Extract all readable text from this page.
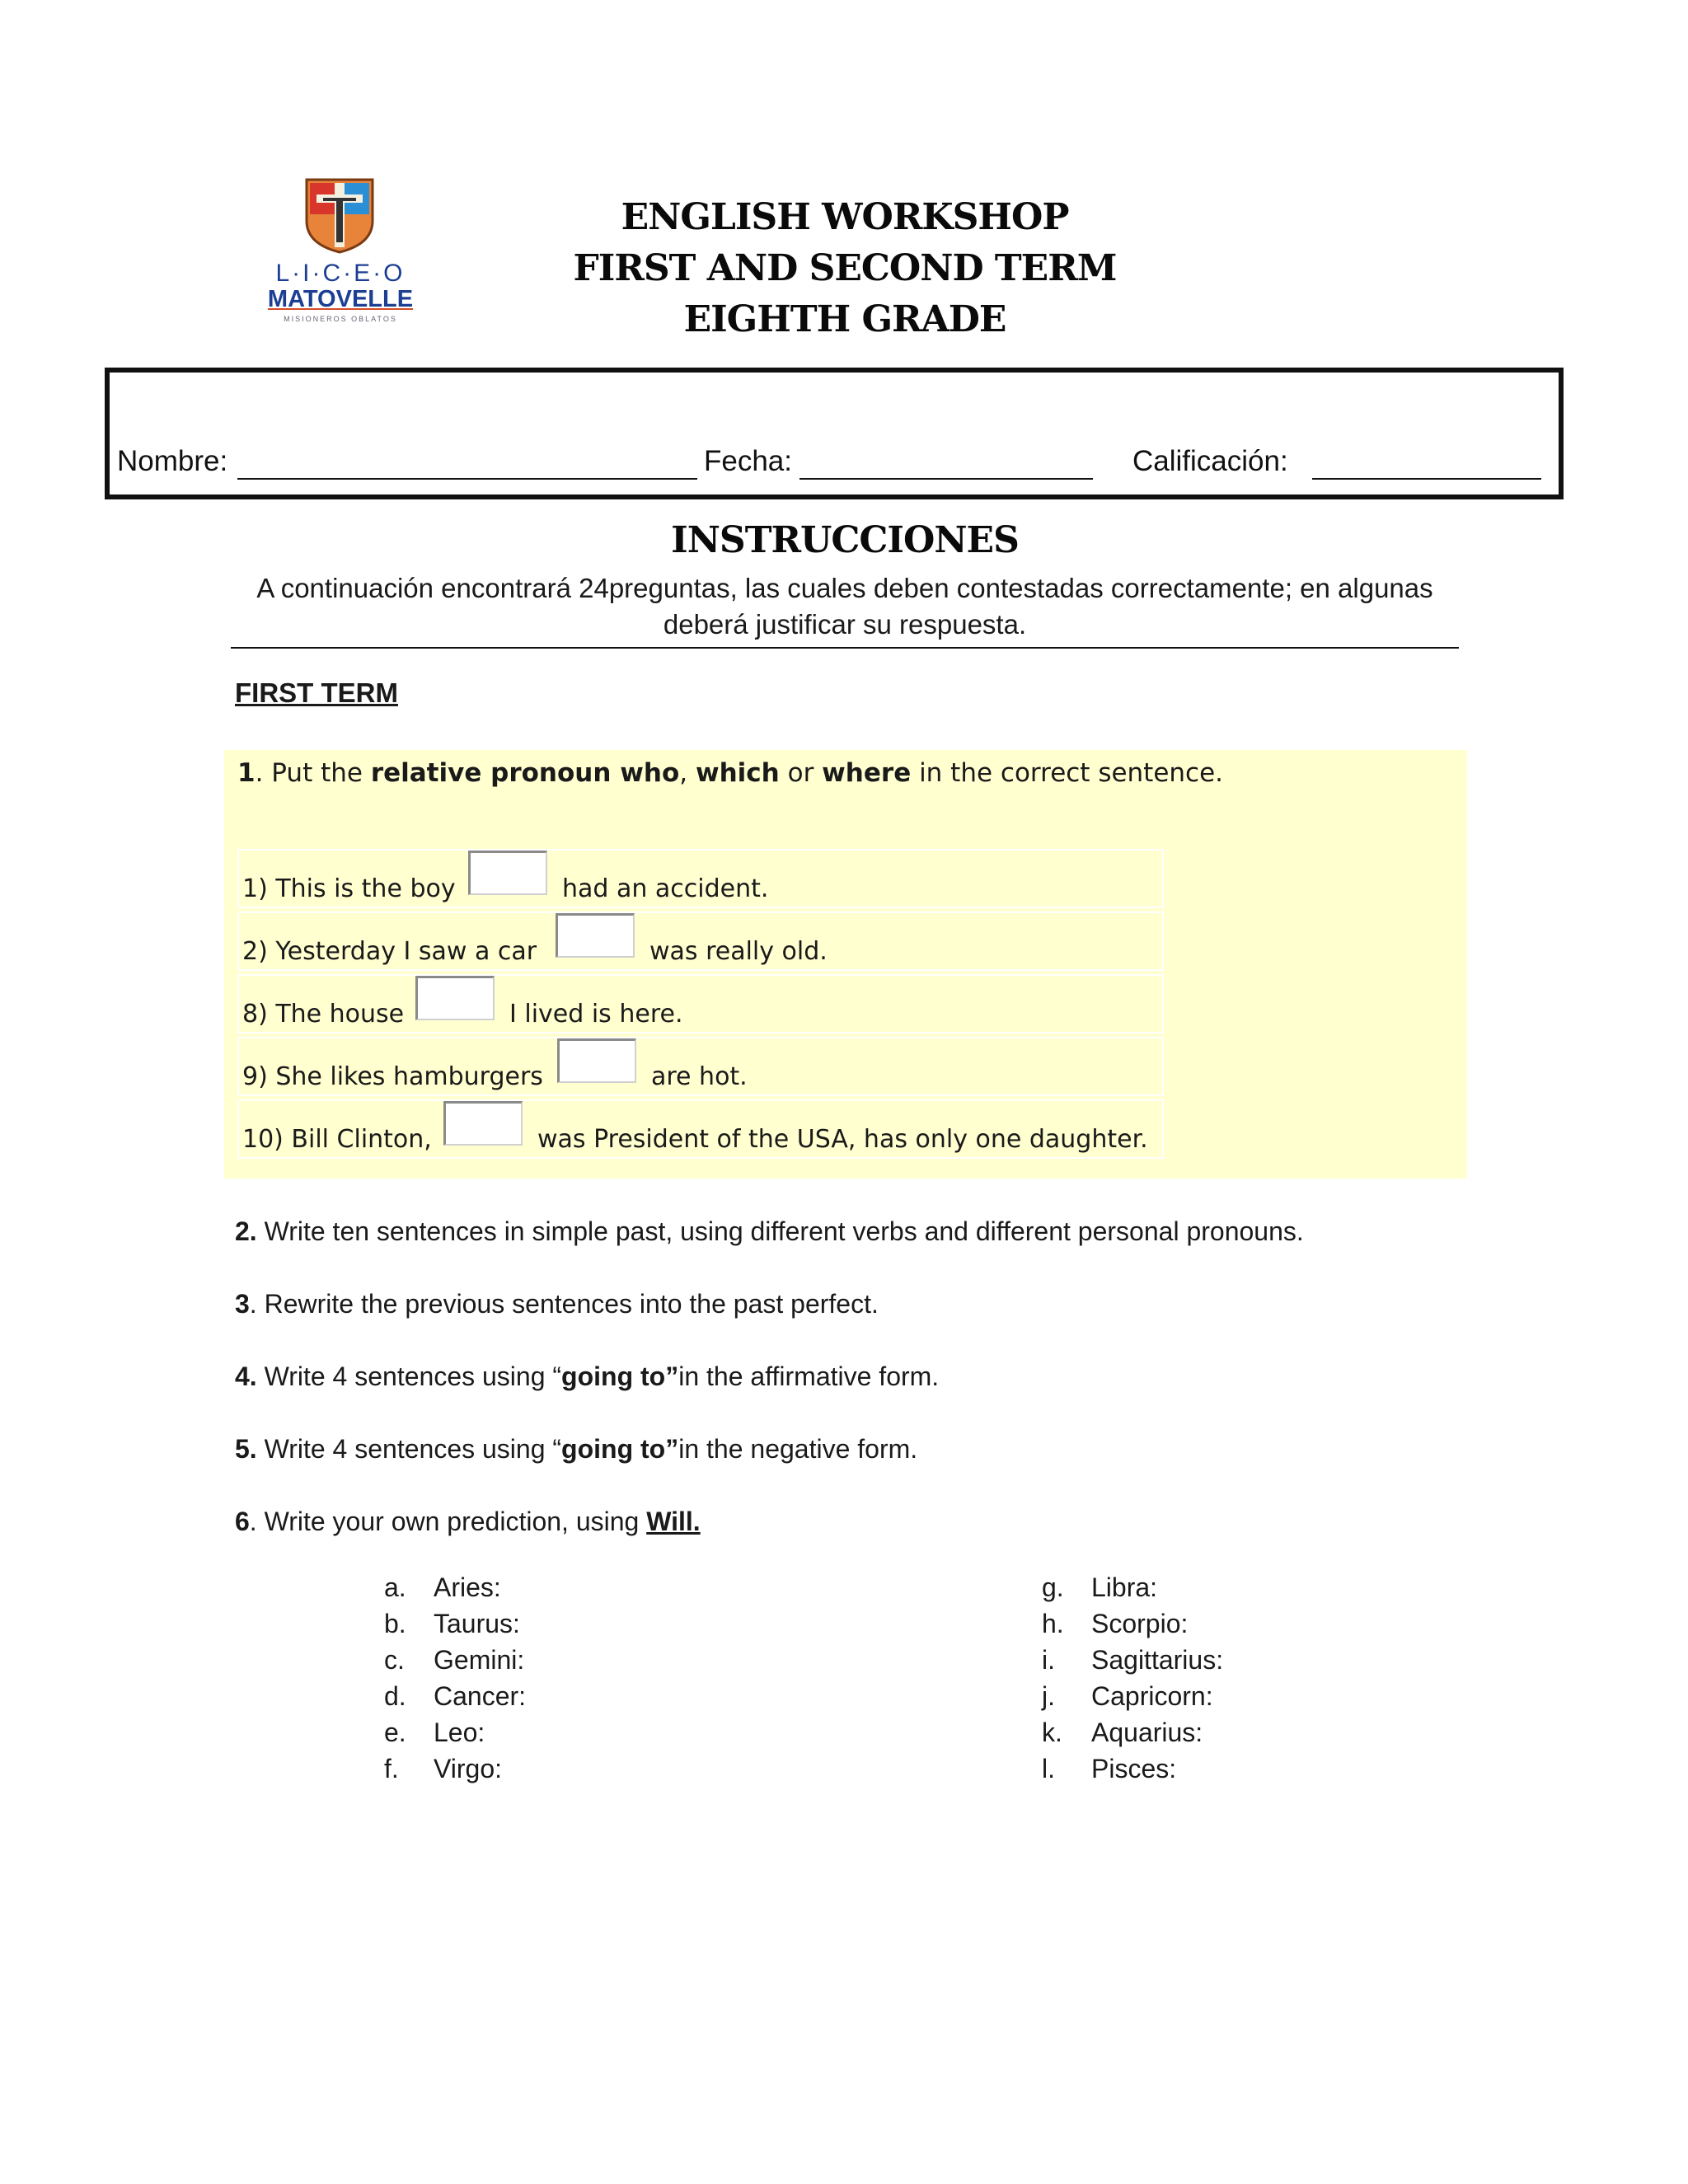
L·I·C·E·O
MATOVELLE
MISIONEROS OBLATOS
ENGLISH WORKSHOP
FIRST AND SECOND TERM
EIGHTH GRADE
Nombre:	Fecha:	Calificación:
INSTRUCCIONES
A continuación encontrará 24preguntas, las cuales deben contestadas correctamente; en algunas
deberá justificar su respuesta.
FIRST TERM
1. Put the relative pronoun who, which or where in the correct sentence.
1) This is the boy	had an accident.
2) Yesterday I saw a car	was really old.
8) The house	I lived is here.
9) She likes hamburgers	are hot.
10) Bill Clinton,	was President of the USA, has only one daughter.
2. Write ten sentences in simple past, using different verbs and different personal pronouns.
3. Rewrite the previous sentences into the past perfect.
4. Write 4 sentences using “going to”in the affirmative form.
5. Write 4 sentences using “going to”in the negative form.
6. Write your own prediction, using Will.
a.	Aries:
b.	Taurus:
c.	Gemini:
d.	Cancer:
e.	Leo:
f.	Virgo:
g.	Libra:
h.	Scorpio:
i.	Sagittarius:
j.	Capricorn:
k.	Aquarius:
l.	Pisces:
